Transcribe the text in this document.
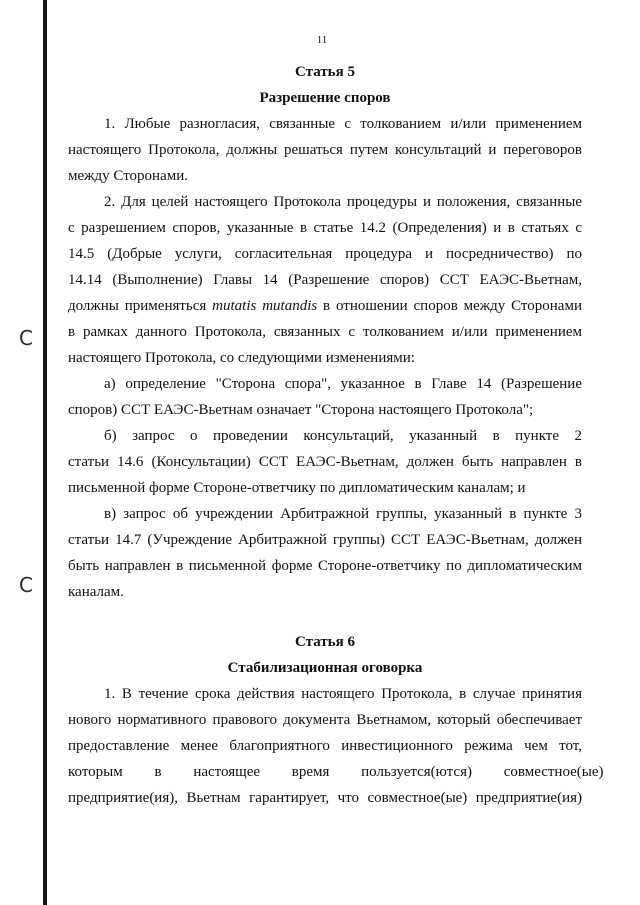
C
C
11

Статья 5

Разрешение споров

1. Любые разногласия, связанные с толкованием и/или применением
настоящего Протокола, должны решаться путем консультаций и переговоров
между Сторонами.

2. Для целей настоящего Протокола процедуры и положения, связанные
с разрешением споров, указанные в статье 14.2 (Определения) и в статьях с
14.5 (Добрые услуги, согласительная процедура и посредничество) по
14.14 (Выполнение) Главы 14 (Разрешение споров) ССТ ЕАЭС-Вьетнам,
должны применяться mutatis mutandis в отношении споров между Сторонами
в рамках данного Протокола, связанных с толкованием и/или применением
настоящего Протокола, со следующими изменениями:

а) определение "Сторона спора", указанное в Главе 14 (Разрешение
споров) ССТ ЕАЭС-Вьетнам означает "Сторона настоящего Протокола";

б) запрос о проведении консультаций, указанный в пункте 2
статьи 14.6 (Консультации) ССТ ЕАЭС-Вьетнам, должен быть направлен в
письменной форме Стороне-ответчику по дипломатическим каналам; и

в) запрос об учреждении Арбитражной группы, указанный в пункте 3
статьи 14.7 (Учреждение Арбитражной группы) ССТ ЕАЭС-Вьетнам, должен
быть направлен в письменной форме Стороне-ответчику по дипломатическим
каналам.

Статья 6

Стабилизационная оговорка

1. В течение срока действия настоящего Протокола, в случае принятия
нового нормативного правового документа Вьетнамом, который обеспечивает
предоставление менее благоприятного инвестиционного режима чем тот,
которым в настоящее время пользуется(ются) совместное(ые)
предприятие(ия), Вьетнам гарантирует, что совместное(ые) предприятие(ия)
